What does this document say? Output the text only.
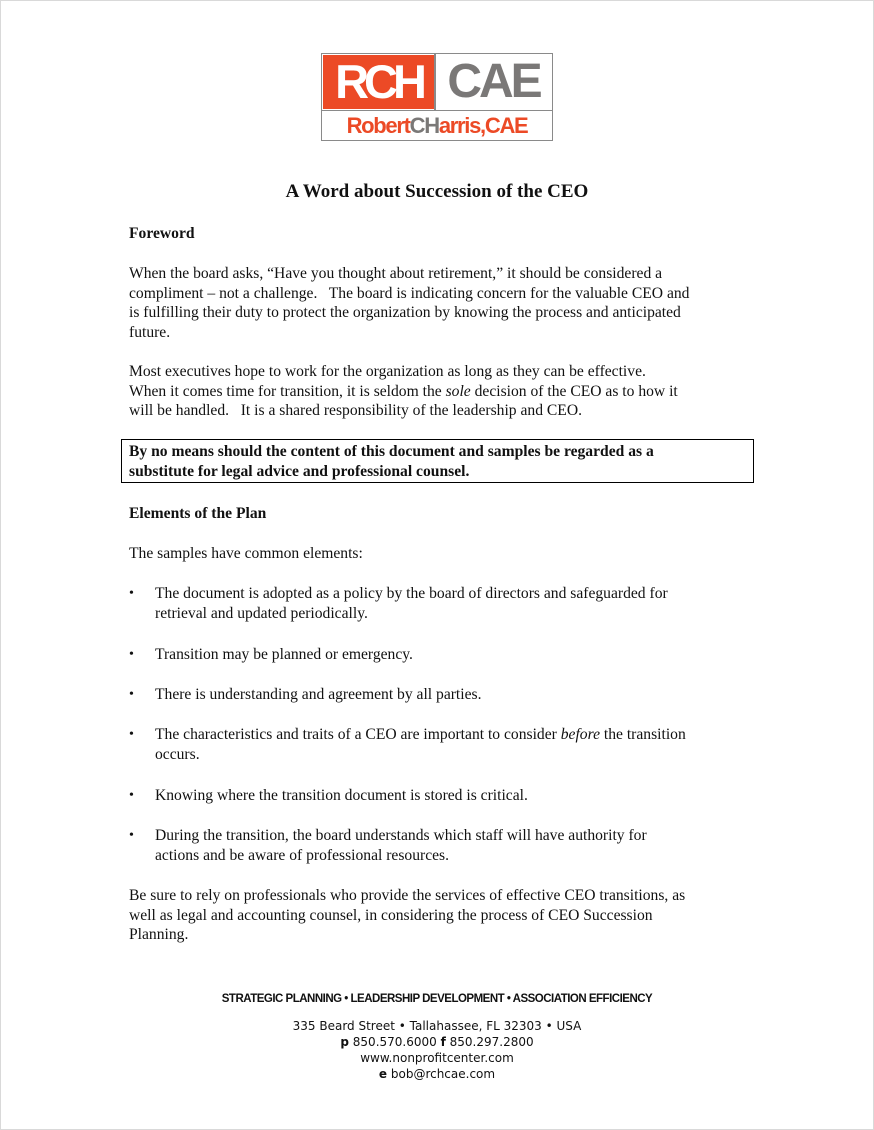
RCH CAE
RobertCHarris,CAE
A Word about Succession of the CEO
Foreword
When the board asks, “Have you thought about retirement,” it should be considered a
compliment – not a challenge.   The board is indicating concern for the valuable CEO and
is fulfilling their duty to protect the organization by knowing the process and anticipated
future.
Most executives hope to work for the organization as long as they can be effective.
When it comes time for transition, it is seldom the sole decision of the CEO as to how it
will be handled.   It is a shared responsibility of the leadership and CEO.
By no means should the content of this document and samples be regarded as a
substitute for legal advice and professional counsel.
Elements of the Plan
The samples have common elements:
•	The document is adopted as a policy by the board of directors and safeguarded for
retrieval and updated periodically.
•	Transition may be planned or emergency.
•	There is understanding and agreement by all parties.
•	The characteristics and traits of a CEO are important to consider before the transition
occurs.
•	Knowing where the transition document is stored is critical.
•	During the transition, the board understands which staff will have authority for
actions and be aware of professional resources.
Be sure to rely on professionals who provide the services of effective CEO transitions, as
well as legal and accounting counsel, in considering the process of CEO Succession
Planning.
STRATEGIC PLANNING • LEADERSHIP DEVELOPMENT • ASSOCIATION EFFICIENCY
335 Beard Street • Tallahassee, FL 32303 • USA
p 850.570.6000 f 850.297.2800
www.nonprofitcenter.com
e bob@rchcae.com
